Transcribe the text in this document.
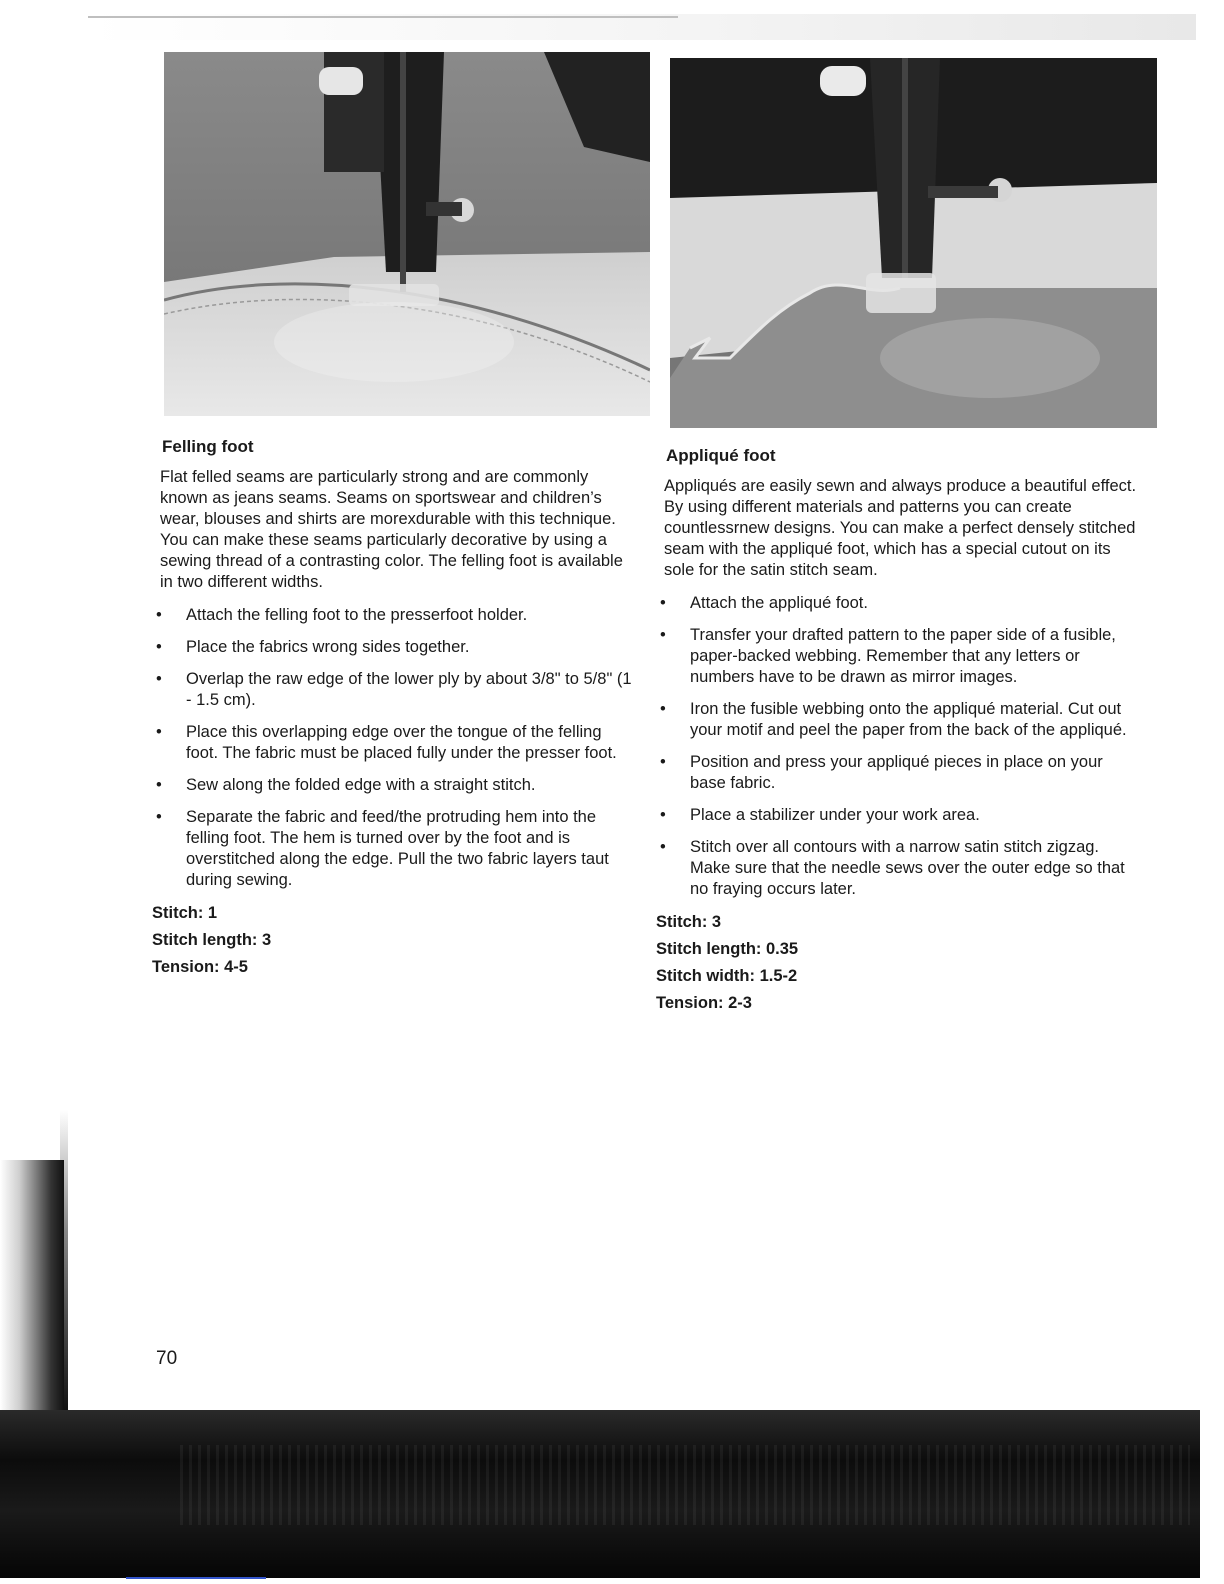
Felling foot
Flat felled seams are particularly strong and are commonly known as jeans seams. Seams on sportswear and children’s wear, blouses and shirts are morexdurable with this technique. You can make these seams particularly decorative by using a sewing thread of a contrasting color. The felling foot is available in two different widths.
• Attach the felling foot to the presserfoot holder.
• Place the fabrics wrong sides together.
• Overlap the raw edge of the lower ply by about 3/8" to 5/8" (1 - 1.5 cm).
• Place this overlapping edge over the tongue of the felling foot. The fabric must be placed fully under the presser foot.
• Sew along the folded edge with a straight stitch.
• Separate the fabric and feed/the protruding hem into the felling foot. The hem is turned over by the foot and is overstitched along the edge. Pull the two fabric layers taut during sewing.
Stitch: 1
Stitch length: 3
Tension: 4-5
Appliqué foot
Appliqués are easily sewn and always produce a beautiful effect. By using different materials and patterns you can create countlessrnew designs. You can make a perfect densely stitched seam with the appliqué foot, which has a special cutout on its sole for the satin stitch seam.
• Attach the appliqué foot.
• Transfer your drafted pattern to the paper side of a fusible, paper-backed webbing. Remember that any letters or numbers have to be drawn as mirror images.
• Iron the fusible webbing onto the appliqué material. Cut out your motif and peel the paper from the back of the appliqué.
• Position and press your appliqué pieces in place on your base fabric.
• Place a stabilizer under your work area.
• Stitch over all contours with a narrow satin stitch zigzag. Make sure that the needle sews over the outer edge so that no fraying occurs later.
Stitch: 3
Stitch length: 0.35
Stitch width: 1.5-2
Tension: 2-3
70
